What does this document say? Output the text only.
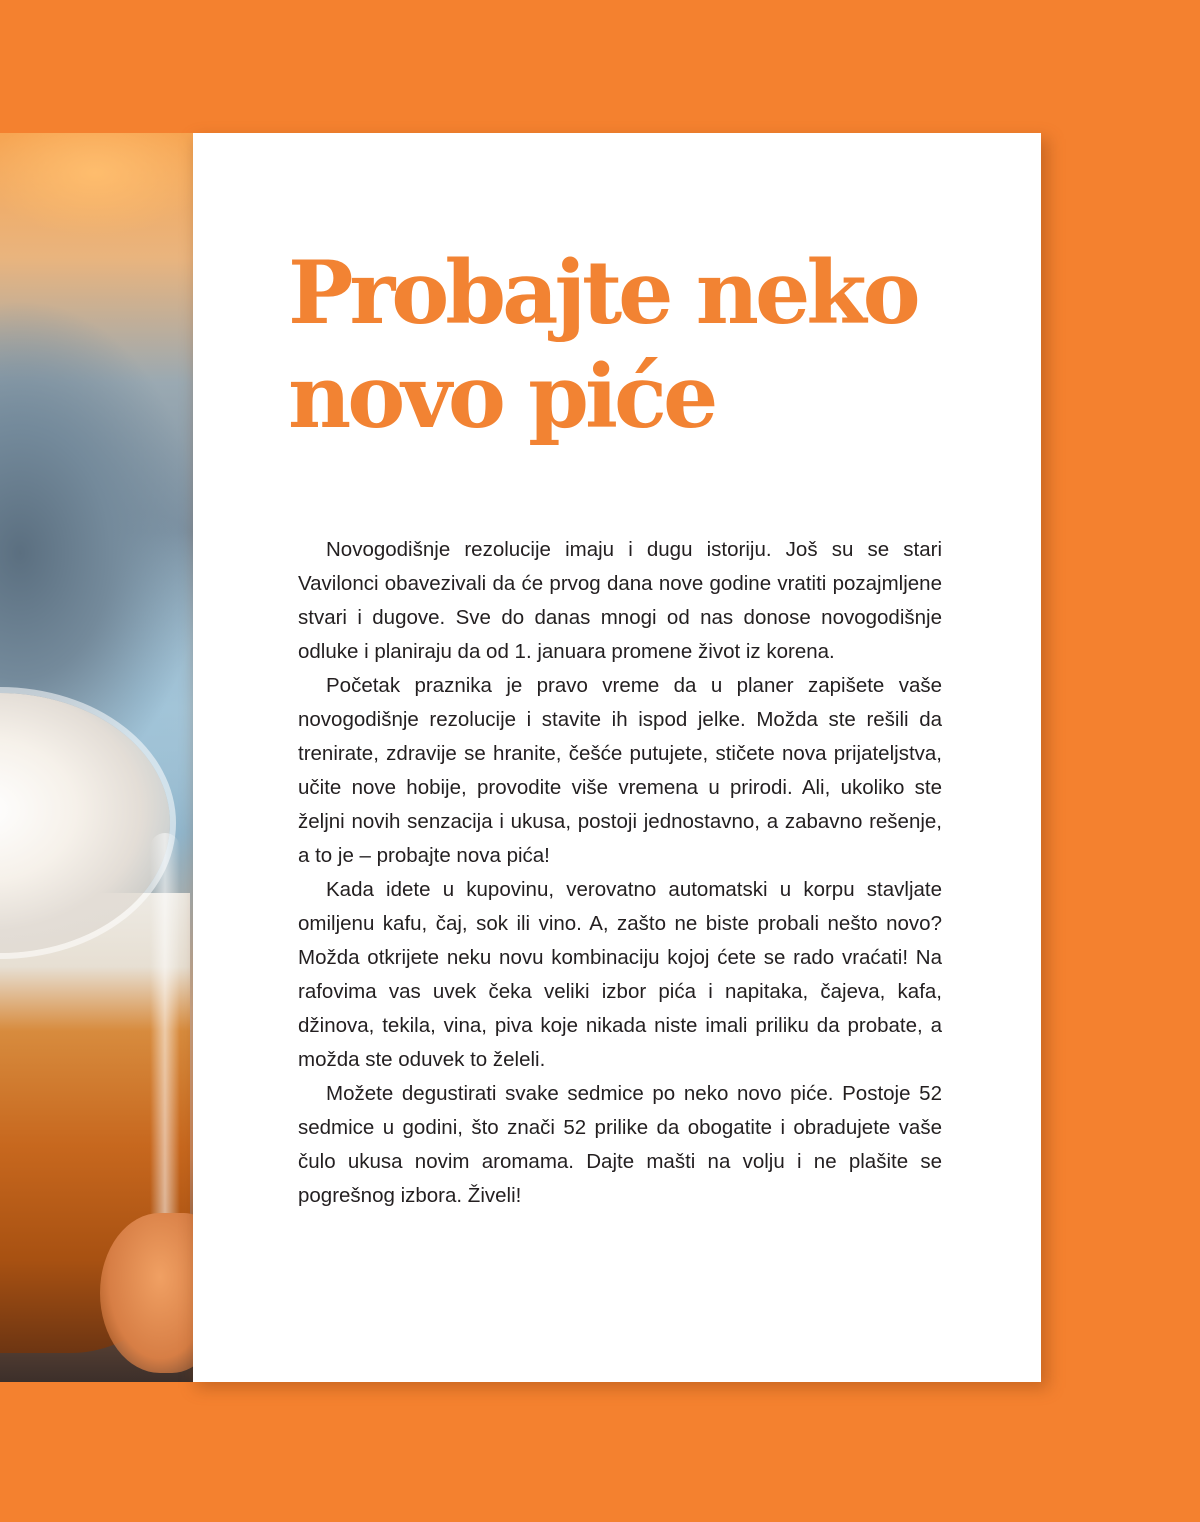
Probajte neko
novo piće

Novogodišnje rezolucije imaju i dugu istoriju. Još su se stari Vavilonci obavezivali da će prvog dana nove godine vratiti pozajmljene stvari i dugove. Sve do danas mnogi od nas donose novogodišnje odluke i planiraju da od 1. januara promene život iz korena.

Početak praznika je pravo vreme da u planer zapišete vaše novogodišnje rezolucije i stavite ih ispod jelke. Možda ste rešili da trenirate, zdravije se hranite, češće putujete, stičete nova prijateljstva, učite nove hobije, provodite više vremena u prirodi. Ali, ukoliko ste željni novih senzacija i ukusa, postoji jednostavno, a zabavno rešenje, a to je – probajte nova pića!

Kada idete u kupovinu, verovatno automatski u korpu stavljate omiljenu kafu, čaj, sok ili vino. A, zašto ne biste probali nešto novo? Možda otkrijete neku novu kombinaciju kojoj ćete se rado vraćati! Na rafovima vas uvek čeka veliki izbor pića i napitaka, čajeva, kafa, džinova, tekila, vina, piva koje nikada niste imali priliku da probate, a možda ste oduvek to želeli.

Možete degustirati svake sedmice po neko novo piće. Postoje 52 sedmice u godini, što znači 52 prilike da obogatite i obradujete vaše čulo ukusa novim aromama. Dajte mašti na volju i ne plašite se pogrešnog izbora. Živeli!
